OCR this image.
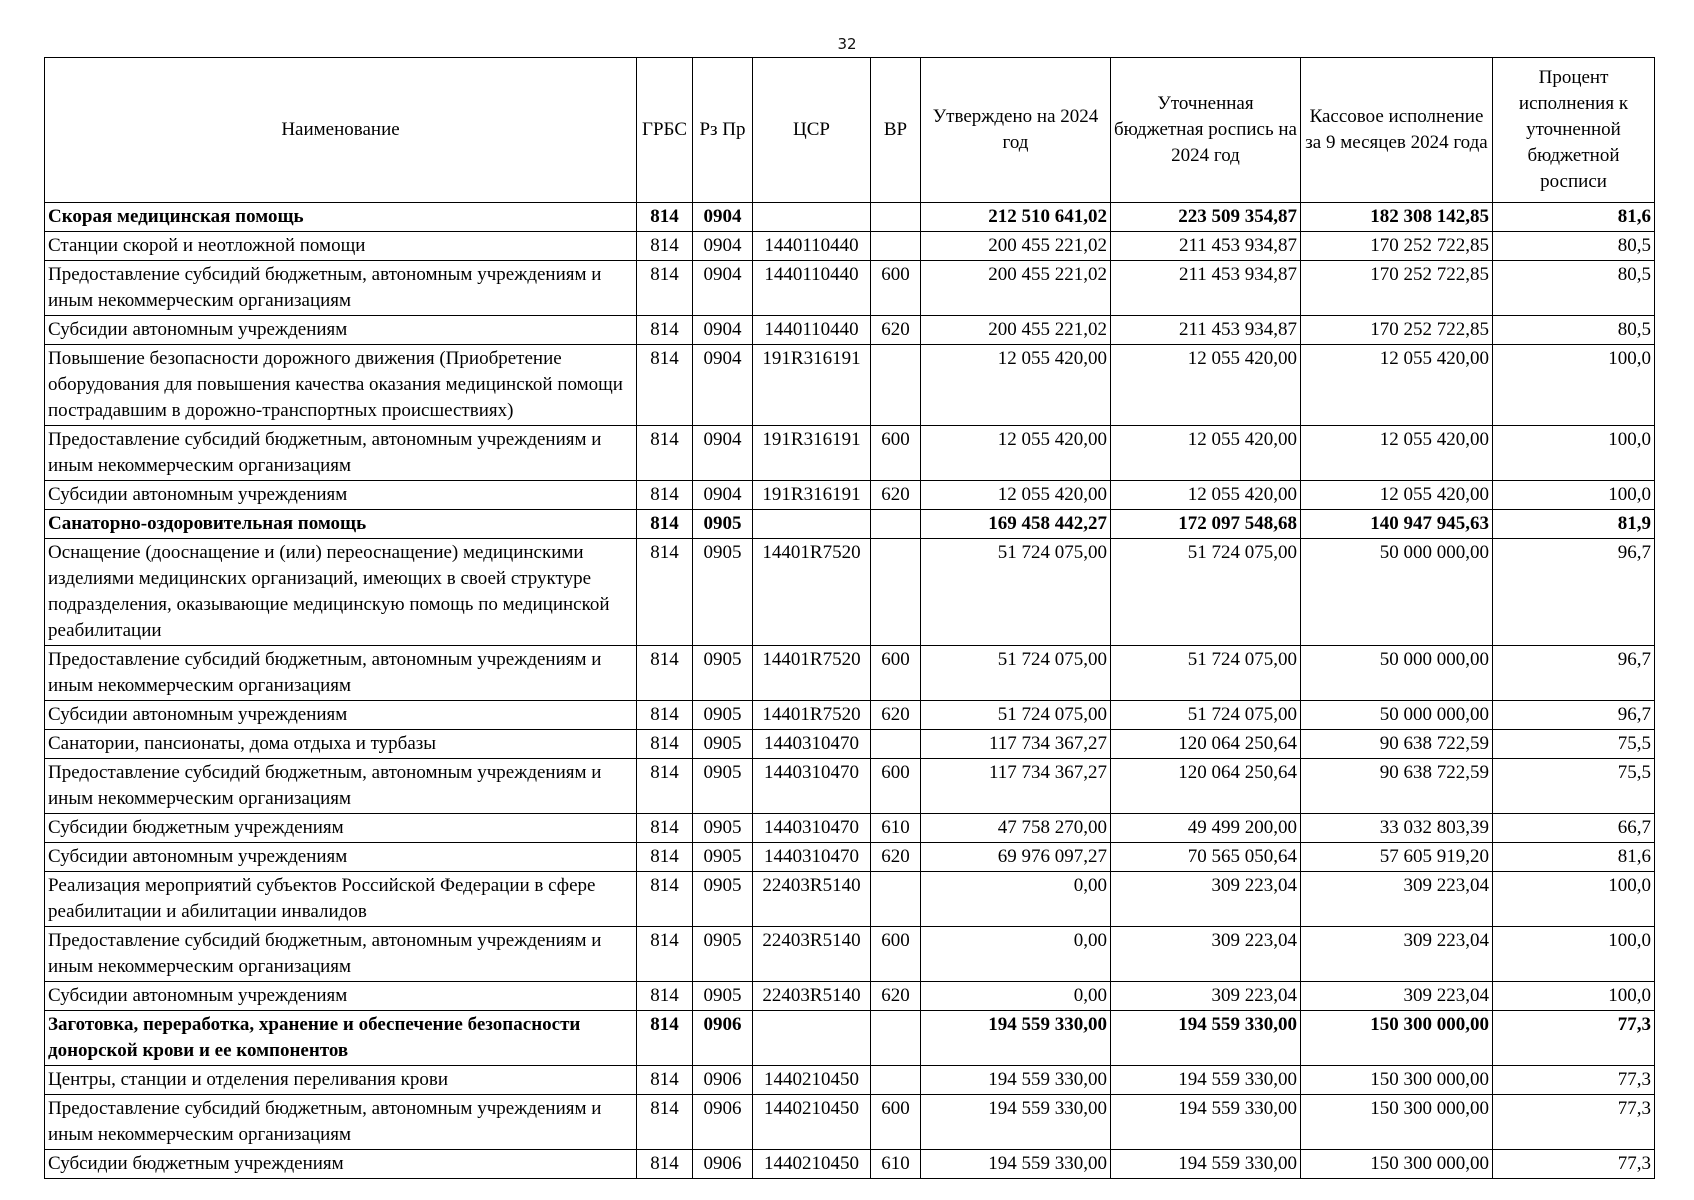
32
Наименование	ГРБС	Рз Пр	ЦСР	ВР	Утверждено на 2024 год	Уточненная бюджетная роспись на 2024 год	Кассовое исполнение за 9 месяцев 2024 года	Процент исполнения к уточненной бюджетной росписи
Скорая медицинская помощь	814	0904			212 510 641,02	223 509 354,87	182 308 142,85	81,6
Станции скорой и неотложной помощи	814	0904	1440110440		200 455 221,02	211 453 934,87	170 252 722,85	80,5
Предоставление субсидий бюджетным, автономным учреждениям и иным некоммерческим организациям	814	0904	1440110440	600	200 455 221,02	211 453 934,87	170 252 722,85	80,5
Субсидии автономным учреждениям	814	0904	1440110440	620	200 455 221,02	211 453 934,87	170 252 722,85	80,5
Повышение безопасности дорожного движения (Приобретение оборудования для повышения качества оказания медицинской помощи пострадавшим в дорожно-транспортных происшествиях)	814	0904	191R316191		12 055 420,00	12 055 420,00	12 055 420,00	100,0
Предоставление субсидий бюджетным, автономным учреждениям и иным некоммерческим организациям	814	0904	191R316191	600	12 055 420,00	12 055 420,00	12 055 420,00	100,0
Субсидии автономным учреждениям	814	0904	191R316191	620	12 055 420,00	12 055 420,00	12 055 420,00	100,0
Санаторно-оздоровительная помощь	814	0905			169 458 442,27	172 097 548,68	140 947 945,63	81,9
Оснащение (дооснащение и (или) переоснащение) медицинскими изделиями медицинских организаций, имеющих в своей структуре подразделения, оказывающие медицинскую помощь по медицинской реабилитации	814	0905	14401R7520		51 724 075,00	51 724 075,00	50 000 000,00	96,7
Предоставление субсидий бюджетным, автономным учреждениям и иным некоммерческим организациям	814	0905	14401R7520	600	51 724 075,00	51 724 075,00	50 000 000,00	96,7
Субсидии автономным учреждениям	814	0905	14401R7520	620	51 724 075,00	51 724 075,00	50 000 000,00	96,7
Санатории, пансионаты, дома отдыха и турбазы	814	0905	1440310470		117 734 367,27	120 064 250,64	90 638 722,59	75,5
Предоставление субсидий бюджетным, автономным учреждениям и иным некоммерческим организациям	814	0905	1440310470	600	117 734 367,27	120 064 250,64	90 638 722,59	75,5
Субсидии бюджетным учреждениям	814	0905	1440310470	610	47 758 270,00	49 499 200,00	33 032 803,39	66,7
Субсидии автономным учреждениям	814	0905	1440310470	620	69 976 097,27	70 565 050,64	57 605 919,20	81,6
Реализация мероприятий субъектов Российской Федерации в сфере реабилитации и абилитации инвалидов	814	0905	22403R5140		0,00	309 223,04	309 223,04	100,0
Предоставление субсидий бюджетным, автономным учреждениям и иным некоммерческим организациям	814	0905	22403R5140	600	0,00	309 223,04	309 223,04	100,0
Субсидии автономным учреждениям	814	0905	22403R5140	620	0,00	309 223,04	309 223,04	100,0
Заготовка, переработка, хранение и обеспечение безопасности донорской крови и ее компонентов	814	0906			194 559 330,00	194 559 330,00	150 300 000,00	77,3
Центры, станции и отделения переливания крови	814	0906	1440210450		194 559 330,00	194 559 330,00	150 300 000,00	77,3
Предоставление субсидий бюджетным, автономным учреждениям и иным некоммерческим организациям	814	0906	1440210450	600	194 559 330,00	194 559 330,00	150 300 000,00	77,3
Субсидии бюджетным учреждениям	814	0906	1440210450	610	194 559 330,00	194 559 330,00	150 300 000,00	77,3
